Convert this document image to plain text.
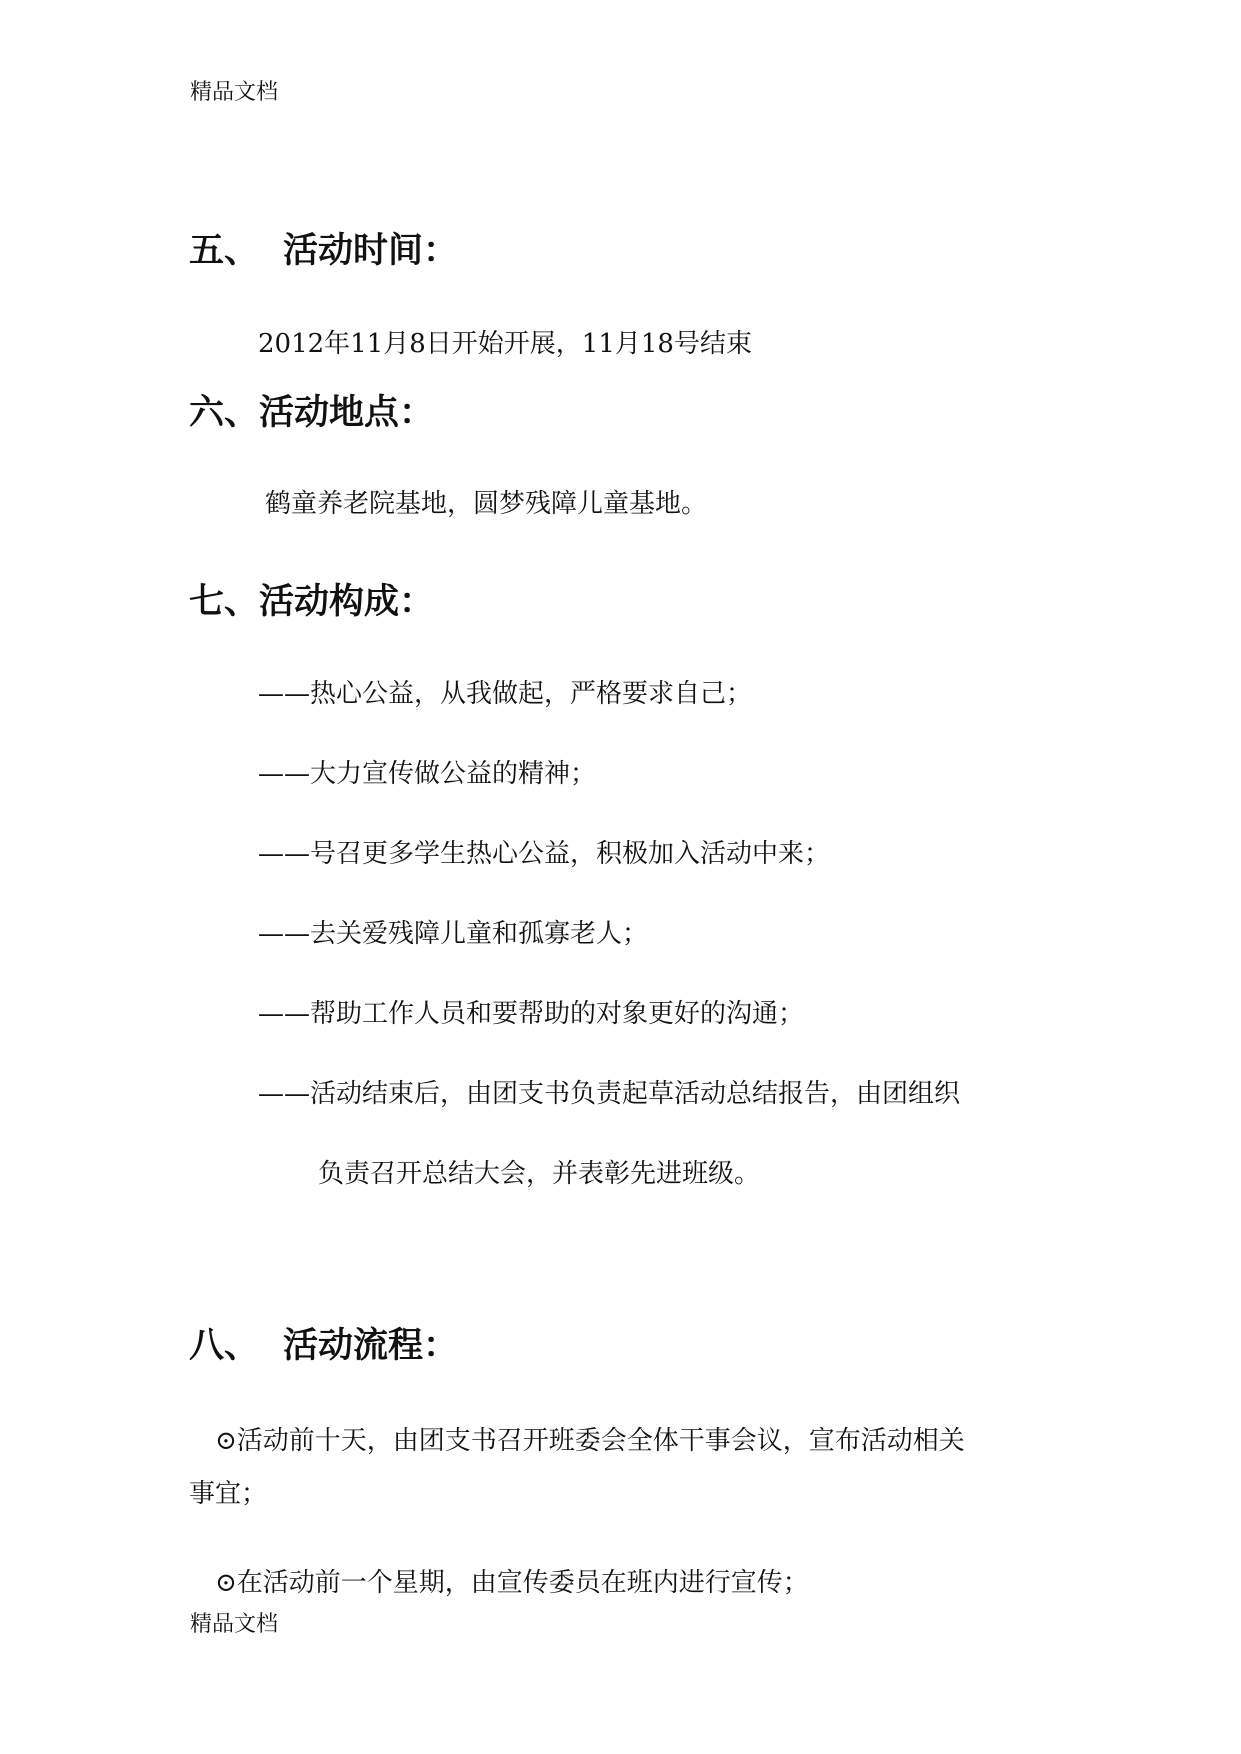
精品文档
五、 活动时间：
2012年11月8日开始开展，11月18号结束
六、活动地点：
鹤童养老院基地，圆梦残障儿童基地。
七、活动构成：
——热心公益，从我做起，严格要求自己；
——大力宣传做公益的精神；
——号召更多学生热心公益，积极加入活动中来；
——去关爱残障儿童和孤寡老人；
——帮助工作人员和要帮助的对象更好的沟通；
——活动结束后，由团支书负责起草活动总结报告，由团组织
负责召开总结大会，并表彰先进班级。
八、 活动流程：
⊙活动前十天，由团支书召开班委会全体干事会议，宣布活动相关
事宜；
⊙在活动前一个星期，由宣传委员在班内进行宣传；
精品文档
